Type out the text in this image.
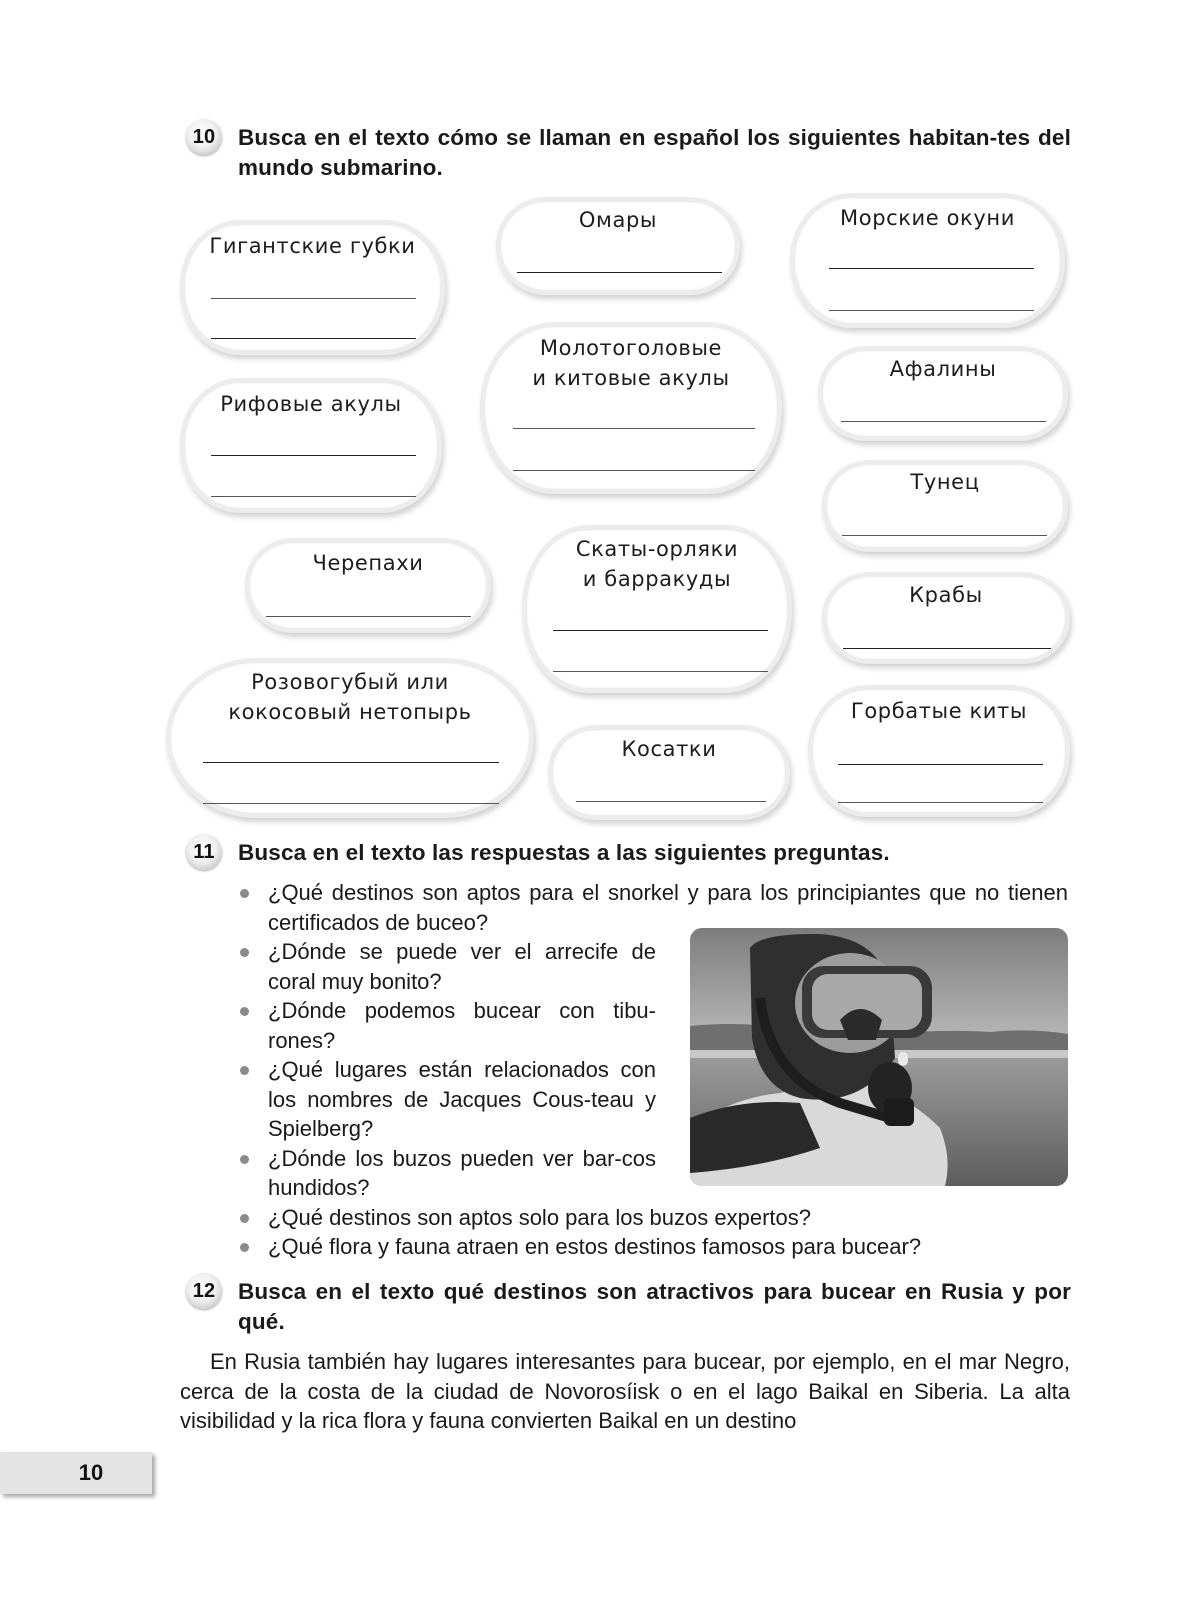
10 Busca en el texto cómo se llaman en español los siguientes habitan-tes del mundo submarino.
Гигантские губки
Омары	Морские окуни
Рифовые акулы
Молотоголовые
и китовые акулы	Афалины
Тунец
Черепахи
Скаты-орляки
и барракуды
Крабы
Розовогубый или
кокосовый нетопырь
Косатки
Горбатые киты
11	Busca en el texto las respuestas a las siguientes preguntas.
¿Qué destinos son aptos para el snorkel y para los principiantes que no tienen certificados de buceo?
¿Dónde se puede ver el arrecife de coral muy bonito?
¿Dónde podemos bucear con tibu-rones?
¿Qué lugares están relacionados con los nombres de Jacques Cous-teau y Spielberg?
¿Dónde los buzos pueden ver bar-cos hundidos?
¿Qué destinos son aptos solo para los buzos expertos?
¿Qué flora y fauna atraen en estos destinos famosos para bucear?
12 Busca en el texto qué destinos son atractivos para bucear en Rusia y por qué.
En Rusia también hay lugares interesantes para bucear, por ejemplo, en el mar Negro, cerca de la costa de la ciudad de Novorosíisk o en el lago Baikal en Siberia. La alta visibilidad y la rica flora y fauna convierten Baikal en un destino
10
